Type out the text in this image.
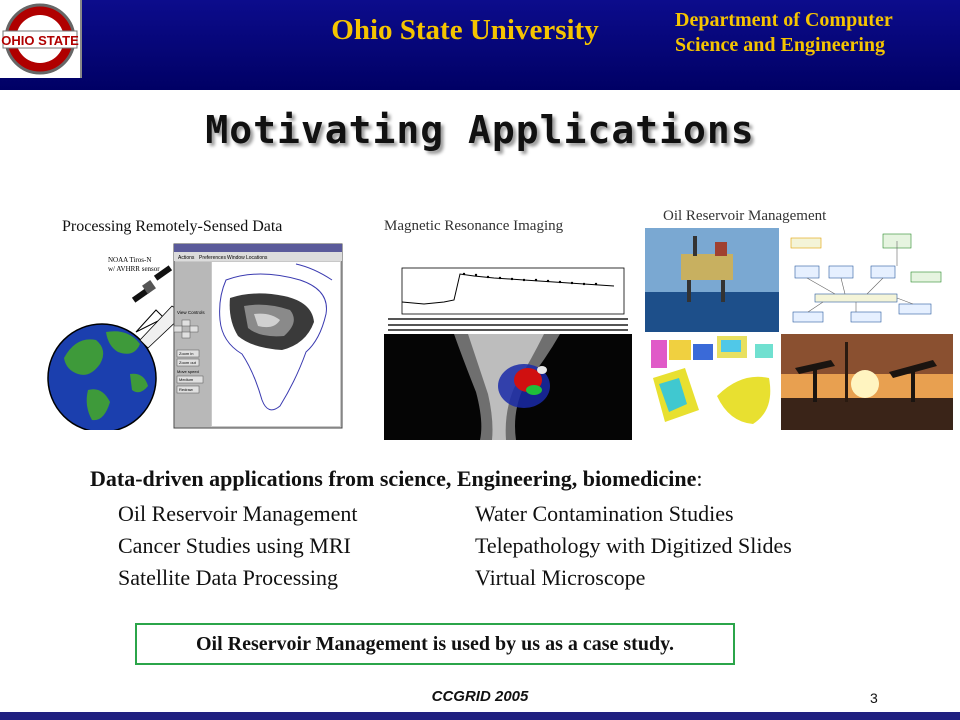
OHIO STATE	Ohio State University	Department of Computer
Science and Engineering
Motivating Applications
Processing Remotely-Sensed Data
NOAA Tiros-N
w/ AVHRR sensor
Actions Preferences Window Locations
View Controls
Zoom in
Zoom out
Move speed
Medium
Redraw
Magnetic Resonance Imaging
Oil Reservoir Management
Data-driven applications from science, Engineering, biomedicine:
Oil Reservoir Management
Cancer Studies using MRI
Satellite Data Processing
Water Contamination Studies
Telepathology with Digitized Slides
Virtual Microscope
Oil Reservoir Management is used by us as a case study.
CCGRID 2005	3
